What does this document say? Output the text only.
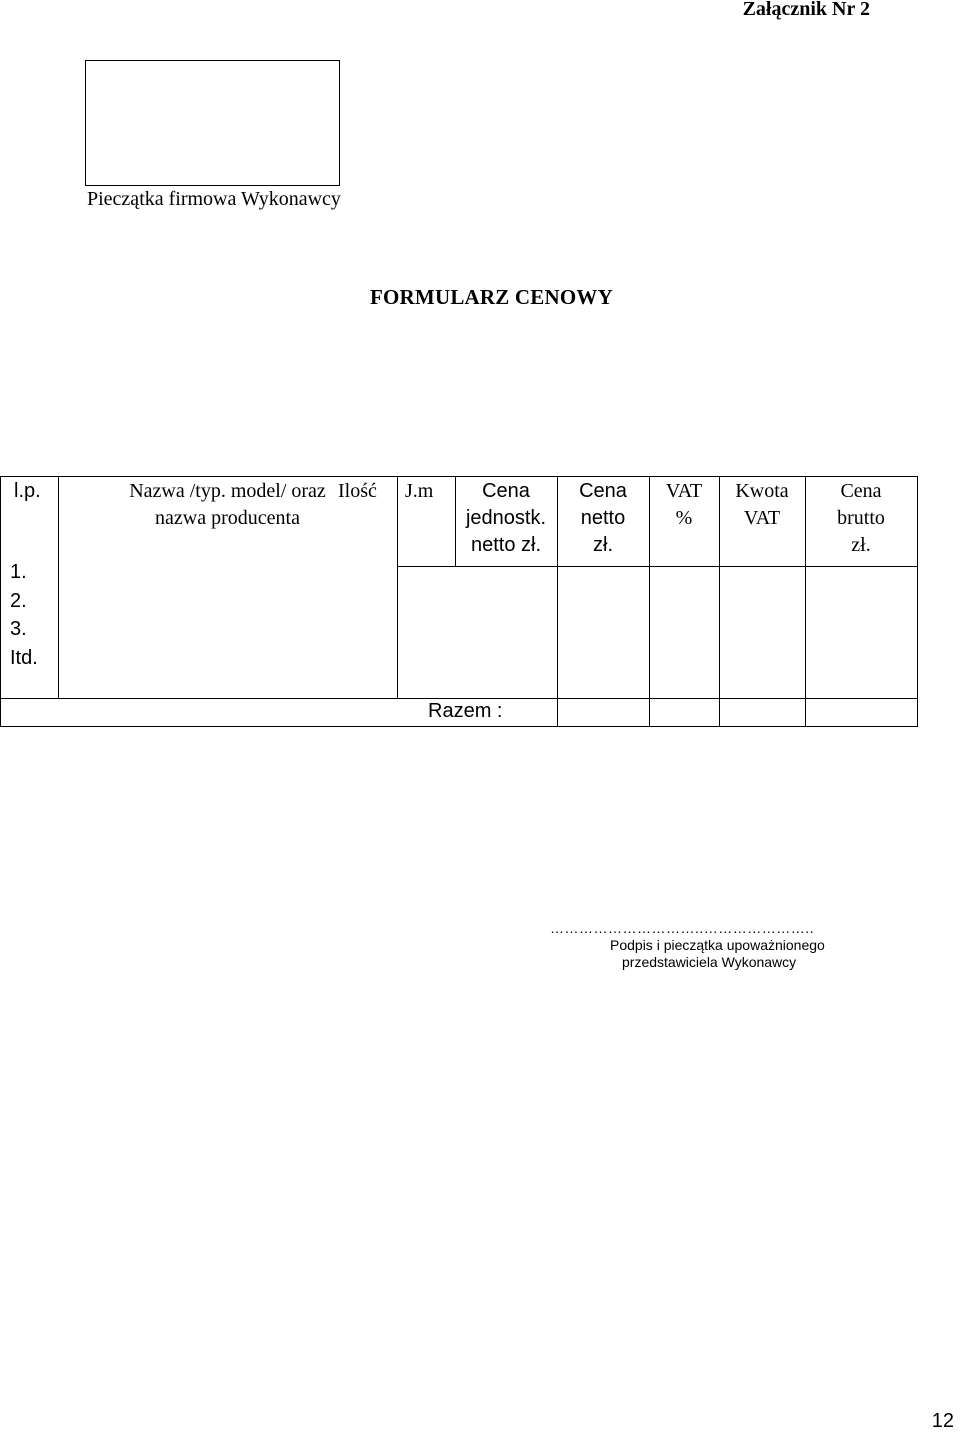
Załącznik Nr 2
Pieczątka firmowa Wykonawcy
FORMULARZ CENOWY
l.p.	Nazwa /typ. model/ oraz
nazwa producenta
Ilość J.m	Cena
jednostk.
netto zł.
Cena
netto
zł.
VAT
%
Kwota
VAT
Cena
brutto
zł.
1.
2.
3.
Itd.
Razem :
…………………………..…………………..
Podpis i pieczątka upoważnionego
przedstawiciela Wykonawcy
12
